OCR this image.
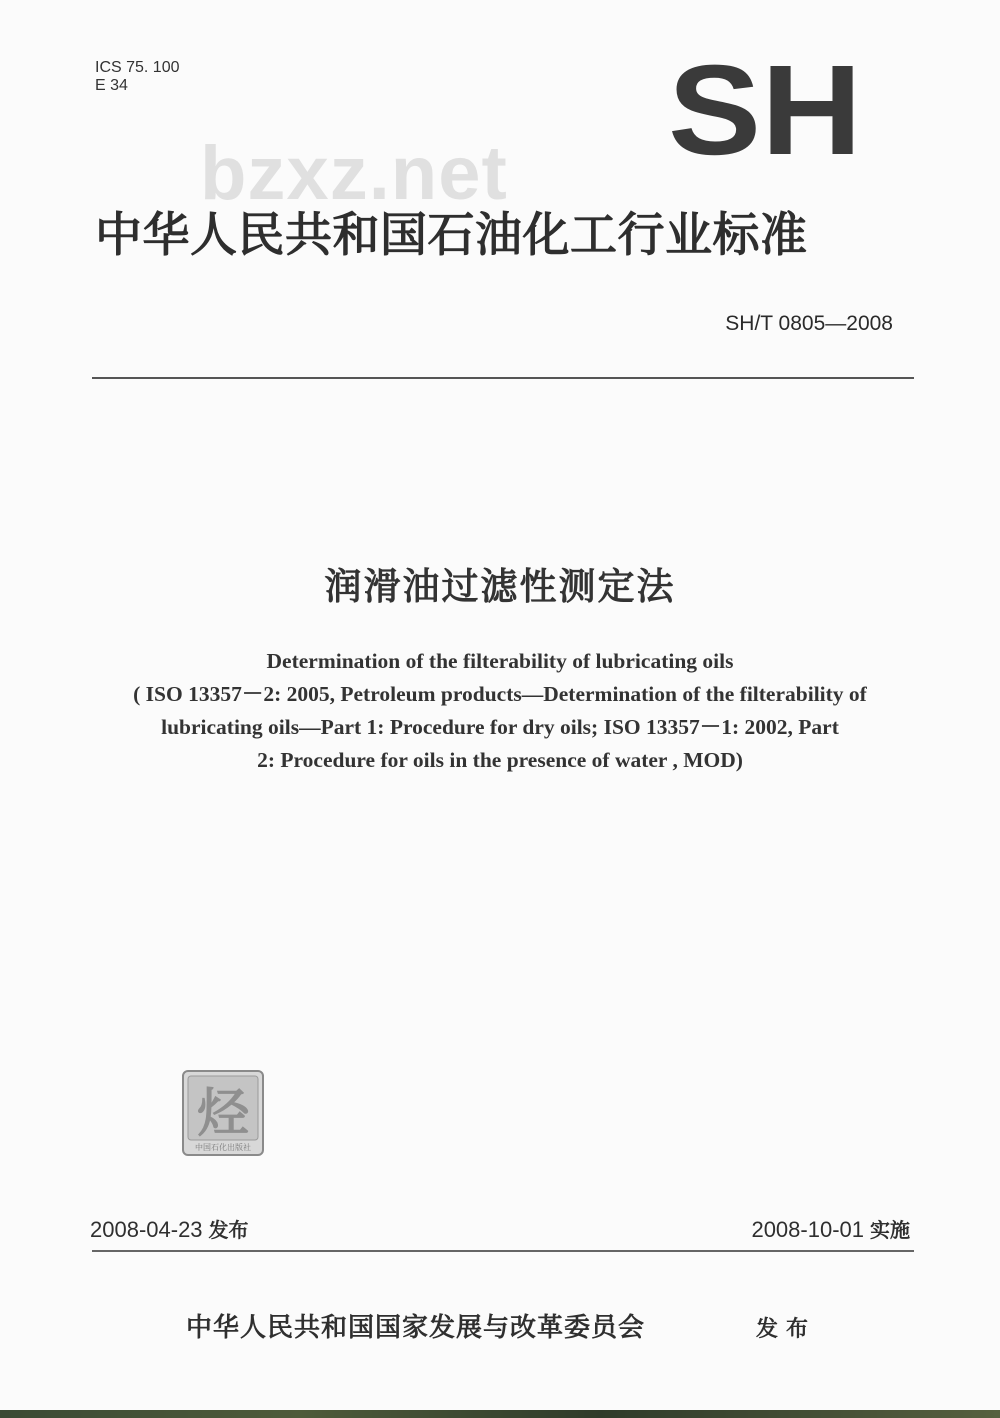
ICS 75. 100
E 34	SH
bzxz.net
中华人民共和国石油化工行业标准
SH/T 0805—2008
润滑油过滤性测定法
Determination of the filterability of lubricating oils
( ISO 13357－2: 2005, Petroleum products—Determination of the filterability of
lubricating oils—Part 1: Procedure for dry oils; ISO 13357－1: 2002, Part
2: Procedure for oils in the presence of water , MOD)
烃
中国石化出版社
2008-04-23 发布	2008-10-01 实施
中华人民共和国国家发展与改革委员会	发布
